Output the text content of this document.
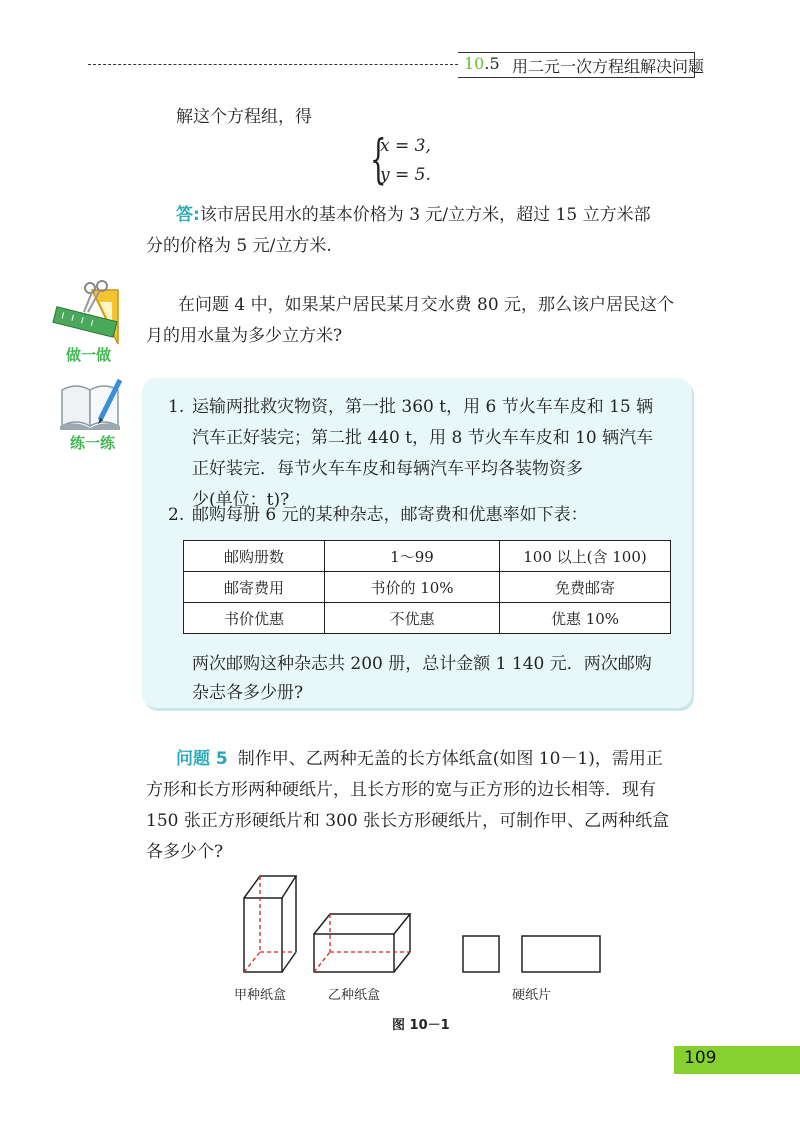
10.5 用二元一次方程组解决问题
解这个方程组，得
{
x = 3,
y = 5.
答:该市居民用水的基本价格为 3 元/立方米，超过 15 立方米部
分的价格为 5 元/立方米.
做一做
在问题 4 中，如果某户居民某月交水费 80 元，那么该户居民这个
月的用水量为多少立方米?
练一练
1. 运输两批救灾物资，第一批 360 t，用 6 节火车车皮和 15 辆
汽车正好装完；第二批 440 t，用 8 节火车车皮和 10 辆汽车
正好装完．每节火车车皮和每辆汽车平均各装物资多
少(单位：t)?
2. 邮购每册 6 元的某种杂志，邮寄费和优惠率如下表：
邮购册数	1～99	100 以上(含 100)
邮寄费用	书价的 10%	免费邮寄
书价优惠	不优惠	优惠 10%
两次邮购这种杂志共 200 册，总计金额 1 140 元．两次邮购
杂志各多少册?
问题 5 制作甲、乙两种无盖的长方体纸盒(如图 10－1)，需用正
方形和长方形两种硬纸片，且长方形的宽与正方形的边长相等．现有
150 张正方形硬纸片和 300 张长方形硬纸片，可制作甲、乙两种纸盒
各多少个?
甲种纸盒	乙种纸盒	硬纸片
图 10－1
109
